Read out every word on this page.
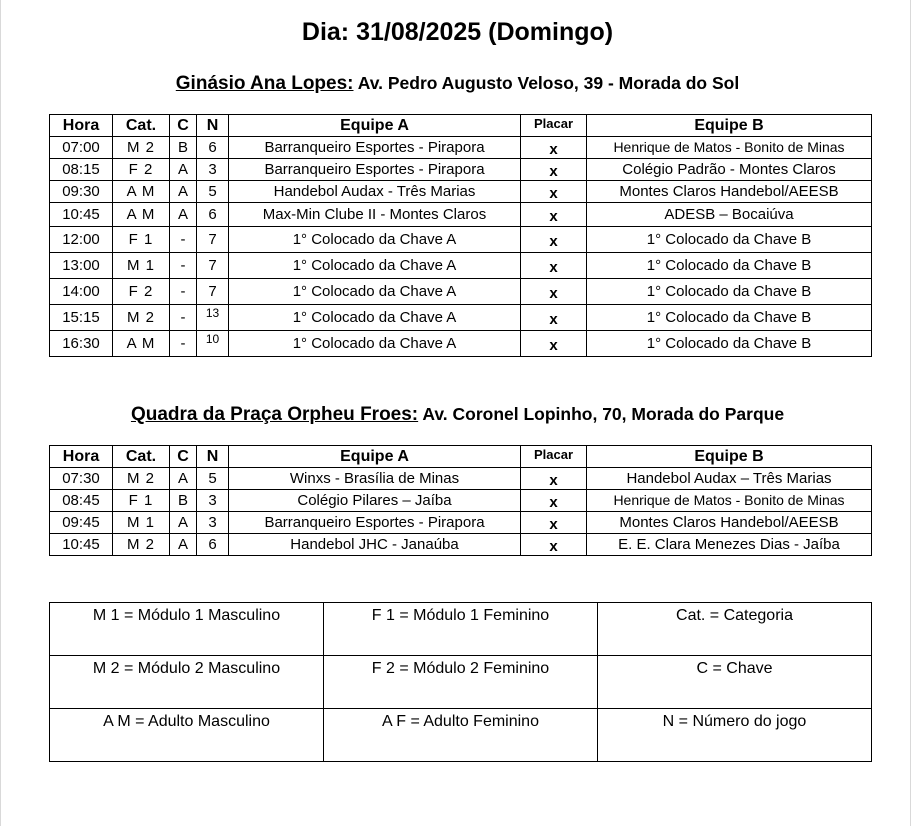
Dia: 31/08/2025 (Domingo)
Ginásio Ana Lopes: Av. Pedro Augusto Veloso, 39 - Morada do Sol
Hora	Cat.	C	N	Equipe A	Placar	Equipe B
07:00	M 2	B	6	Barranqueiro Esportes - Pirapora	x	Henrique de Matos - Bonito de Minas
08:15	F 2	A	3	Barranqueiro Esportes - Pirapora	x	Colégio Padrão - Montes Claros
09:30	A M	A	5	Handebol Audax - Três Marias	x	Montes Claros Handebol/AEESB
10:45	A M	A	6	Max-Min Clube II - Montes Claros	x	ADESB – Bocaiúva
12:00	F 1	-	7	1° Colocado da Chave A	x	1° Colocado da Chave B
13:00	M 1	-	7	1° Colocado da Chave A	x	1° Colocado da Chave B
14:00	F 2	-	7	1° Colocado da Chave A	x	1° Colocado da Chave B
15:15	M 2	-	13	1° Colocado da Chave A	x	1° Colocado da Chave B
16:30	A M	-	10	1° Colocado da Chave A	x	1° Colocado da Chave B
Quadra da Praça Orpheu Froes: Av. Coronel Lopinho, 70, Morada do Parque
Hora	Cat.	C	N	Equipe A	Placar	Equipe B
07:30	M 2	A	5	Winxs - Brasília de Minas	x	Handebol Audax – Três Marias
08:45	F 1	B	3	Colégio Pilares – Jaíba	x	Henrique de Matos - Bonito de Minas
09:45	M 1	A	3	Barranqueiro Esportes - Pirapora	x	Montes Claros Handebol/AEESB
10:45	M 2	A	6	Handebol JHC - Janaúba	x	E. E. Clara Menezes Dias - Jaíba
M 1 = Módulo 1 Masculino	F 1 = Módulo 1 Feminino	Cat. = Categoria
M 2 = Módulo 2 Masculino	F 2 = Módulo 2 Feminino	C = Chave
A M = Adulto Masculino	A F = Adulto Feminino	N = Número do jogo
